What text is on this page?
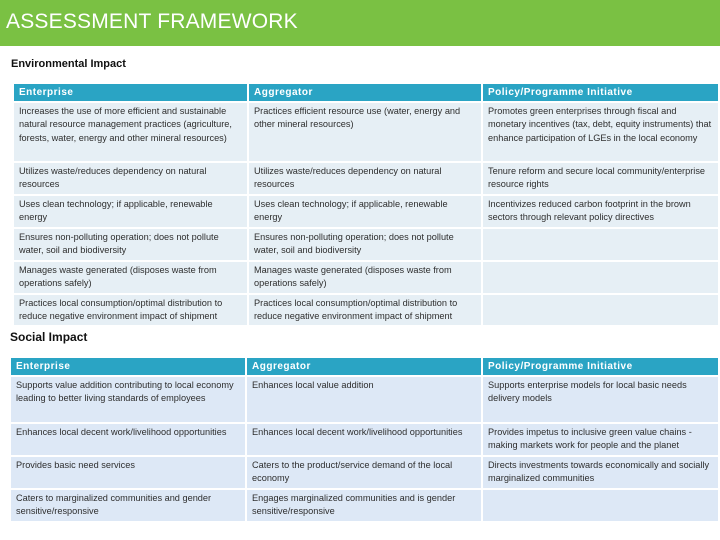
ASSESSMENT FRAMEWORK
Environmental Impact
Enterprise	Aggregator	Policy/Programme Initiative
Increases the use of more efficient and sustainable natural resource management practices (agriculture, forests, water, energy and other mineral resources)	Practices efficient resource use (water, energy and other mineral resources)	Promotes green enterprises through fiscal and monetary incentives (tax, debt, equity instruments) that enhance participation of LGEs in the local economy
Utilizes waste/reduces dependency on natural resources	Utilizes waste/reduces dependency on natural resources	Tenure reform and secure local community/enterprise resource rights
Uses clean technology; if applicable, renewable energy	Uses clean technology; if applicable, renewable energy	Incentivizes reduced carbon footprint in the brown sectors through relevant policy directives
Ensures non-polluting operation; does not pollute water, soil and biodiversity	Ensures non-polluting operation; does not pollute water, soil and biodiversity	
Manages waste generated (disposes waste from operations safely)	Manages waste generated (disposes waste from operations safely)	
Practices local consumption/optimal distribution to reduce negative environment impact of shipment	Practices local consumption/optimal distribution to reduce negative environment impact of shipment	
Social Impact
Enterprise	Aggregator	Policy/Programme Initiative
Supports value addition contributing to local economy leading to better living standards of employees	Enhances local value addition	Supports enterprise models for local basic needs delivery models
Enhances local decent work/livelihood opportunities	Enhances local decent work/livelihood opportunities	Provides impetus to inclusive green value chains - making markets work for people and the planet
Provides basic need services	Caters to the product/service demand of the local economy	Directs investments towards economically and socially marginalized communities
Caters to marginalized communities and gender sensitive/responsive	Engages marginalized communities and is gender sensitive/responsive	
